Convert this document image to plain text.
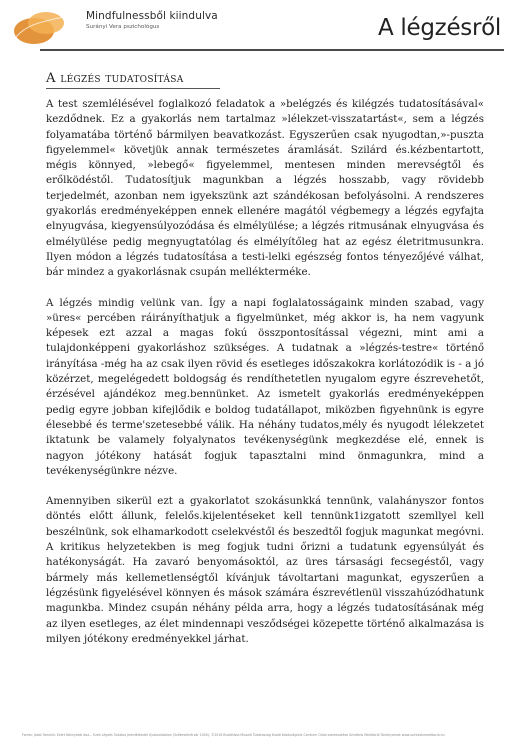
Mindfulnessből kiindulva
Surányi Vera pszichológus	A légzésről
A légzés tudatosítása

A test szemlélésével foglalkozó feladatok a »belégzés és kilégzés tudatosításával« kezdődnek. Ez a gyakorlás nem tartalmaz »lélekzet-visszatartást«, sem a légzés folyamatába történő bármilyen beavatkozást. Egyszerűen csak nyugodtan,»-puszta figyelemmel« követjük annak természetes áramlását. Szilárd és.kézbentartott, mégis könnyed, »lebegő« figyelemmel, mentesen minden merevségtől és erőlködéstől. Tudatosítjuk magunkban a légzés hosszabb, vagy rövidebb terjedelmét, azonban nem igyekszünk azt szándékosan befolyásolni. A rendszeres gyakorlás eredményeképpen ennek ellenére magától végbemegy a légzés egyfajta elnyugvása, kiegyensúlyozódása és elmélyülése; a légzés ritmusának elnyugvása és elmélyülése pedig megnyugtatólag és elmélyítőleg hat az egész életritmusunkra. Ilyen módon a légzés tudatosítása a testi-lelki egészség fontos tényezőjévé válhat, bár mindez a gyakorlásnak csupán mellékterméke.

A légzés mindig velünk van. Így a napi foglalatosságaink minden szabad, vagy »üres« percében ráirányíthatjuk a figyelmünket, még akkor is, ha nem vagyunk képesek ezt azzal a magas fokú összpontosítással végezni, mint ami a tulajdonképpeni gyakorláshoz szükséges. A tudatnak a »légzés-testre« történő irányítása -még ha az csak ilyen rövid és esetleges időszakokra korlátozódik is - a jó közérzet, megelégedett boldogság és rendíthetetlen nyugalom egyre észrevehetőt, érzésével ajándékoz meg.bennünket. Az ismetelt gyakorlás eredményeképpen pedig egyre jobban kifejlődik e boldog tudatállapot, miközben figyehnünk is egyre élesebbé és terme'szetesebbé válik. Ha néhány tudatos,mély és nyugodt lélekzetet iktatunk be valamely folyalynatos tevékenységünk megkezdése elé, ennek is nagyon jótékony hatását fogjuk tapasztalni mind önmagunkra, mind a tevékenységünkre nézve.

Amennyiben sikerül ezt a gyakorlatot szokásunkká tennünk, valahányszor fontos döntés előtt állunk, felelős.kijelentéseket kell tennünk1izgatott szemllyel kell beszélnünk, sok elhamarkodott cselekvéstől és beszedtől fogjuk magunkat megóvni. A kritikus helyzetekben is meg fogjuk tudni őrizni a tudatunk egyensúlyát és hatékonyságát. Ha zavaró benyomásoktól, az üres társasági fecsegéstől, vagy bármely más kellemetlenségtől kívánjuk távoltartani magunkat, egyszerűen a légzésünk figyelésével könnyen és mások számára észrevétlenül visszahúzódhatunk magunkba. Mindez csupán néhány példa arra, hogy a légzés tudatosításának még az ilyen esetleges, az élet mindennapi vesződségei közepette történő alkalmazása is milyen jótékony eredményekkel járhat.

Forrás: Jobst Tomelik: Ezért Könnyebb lesz... Ezek Légzés Tudatos Jelenlétkedet Gyakorlatokon (Székesfehérvár 2000). ©2016 Buddhista Misszió Tudatosság Kiadó Közösségünk Centrum Oldal szerkesztése Szintézis Meditáció Tanfolyamok www.szintezismeditacio.hu
